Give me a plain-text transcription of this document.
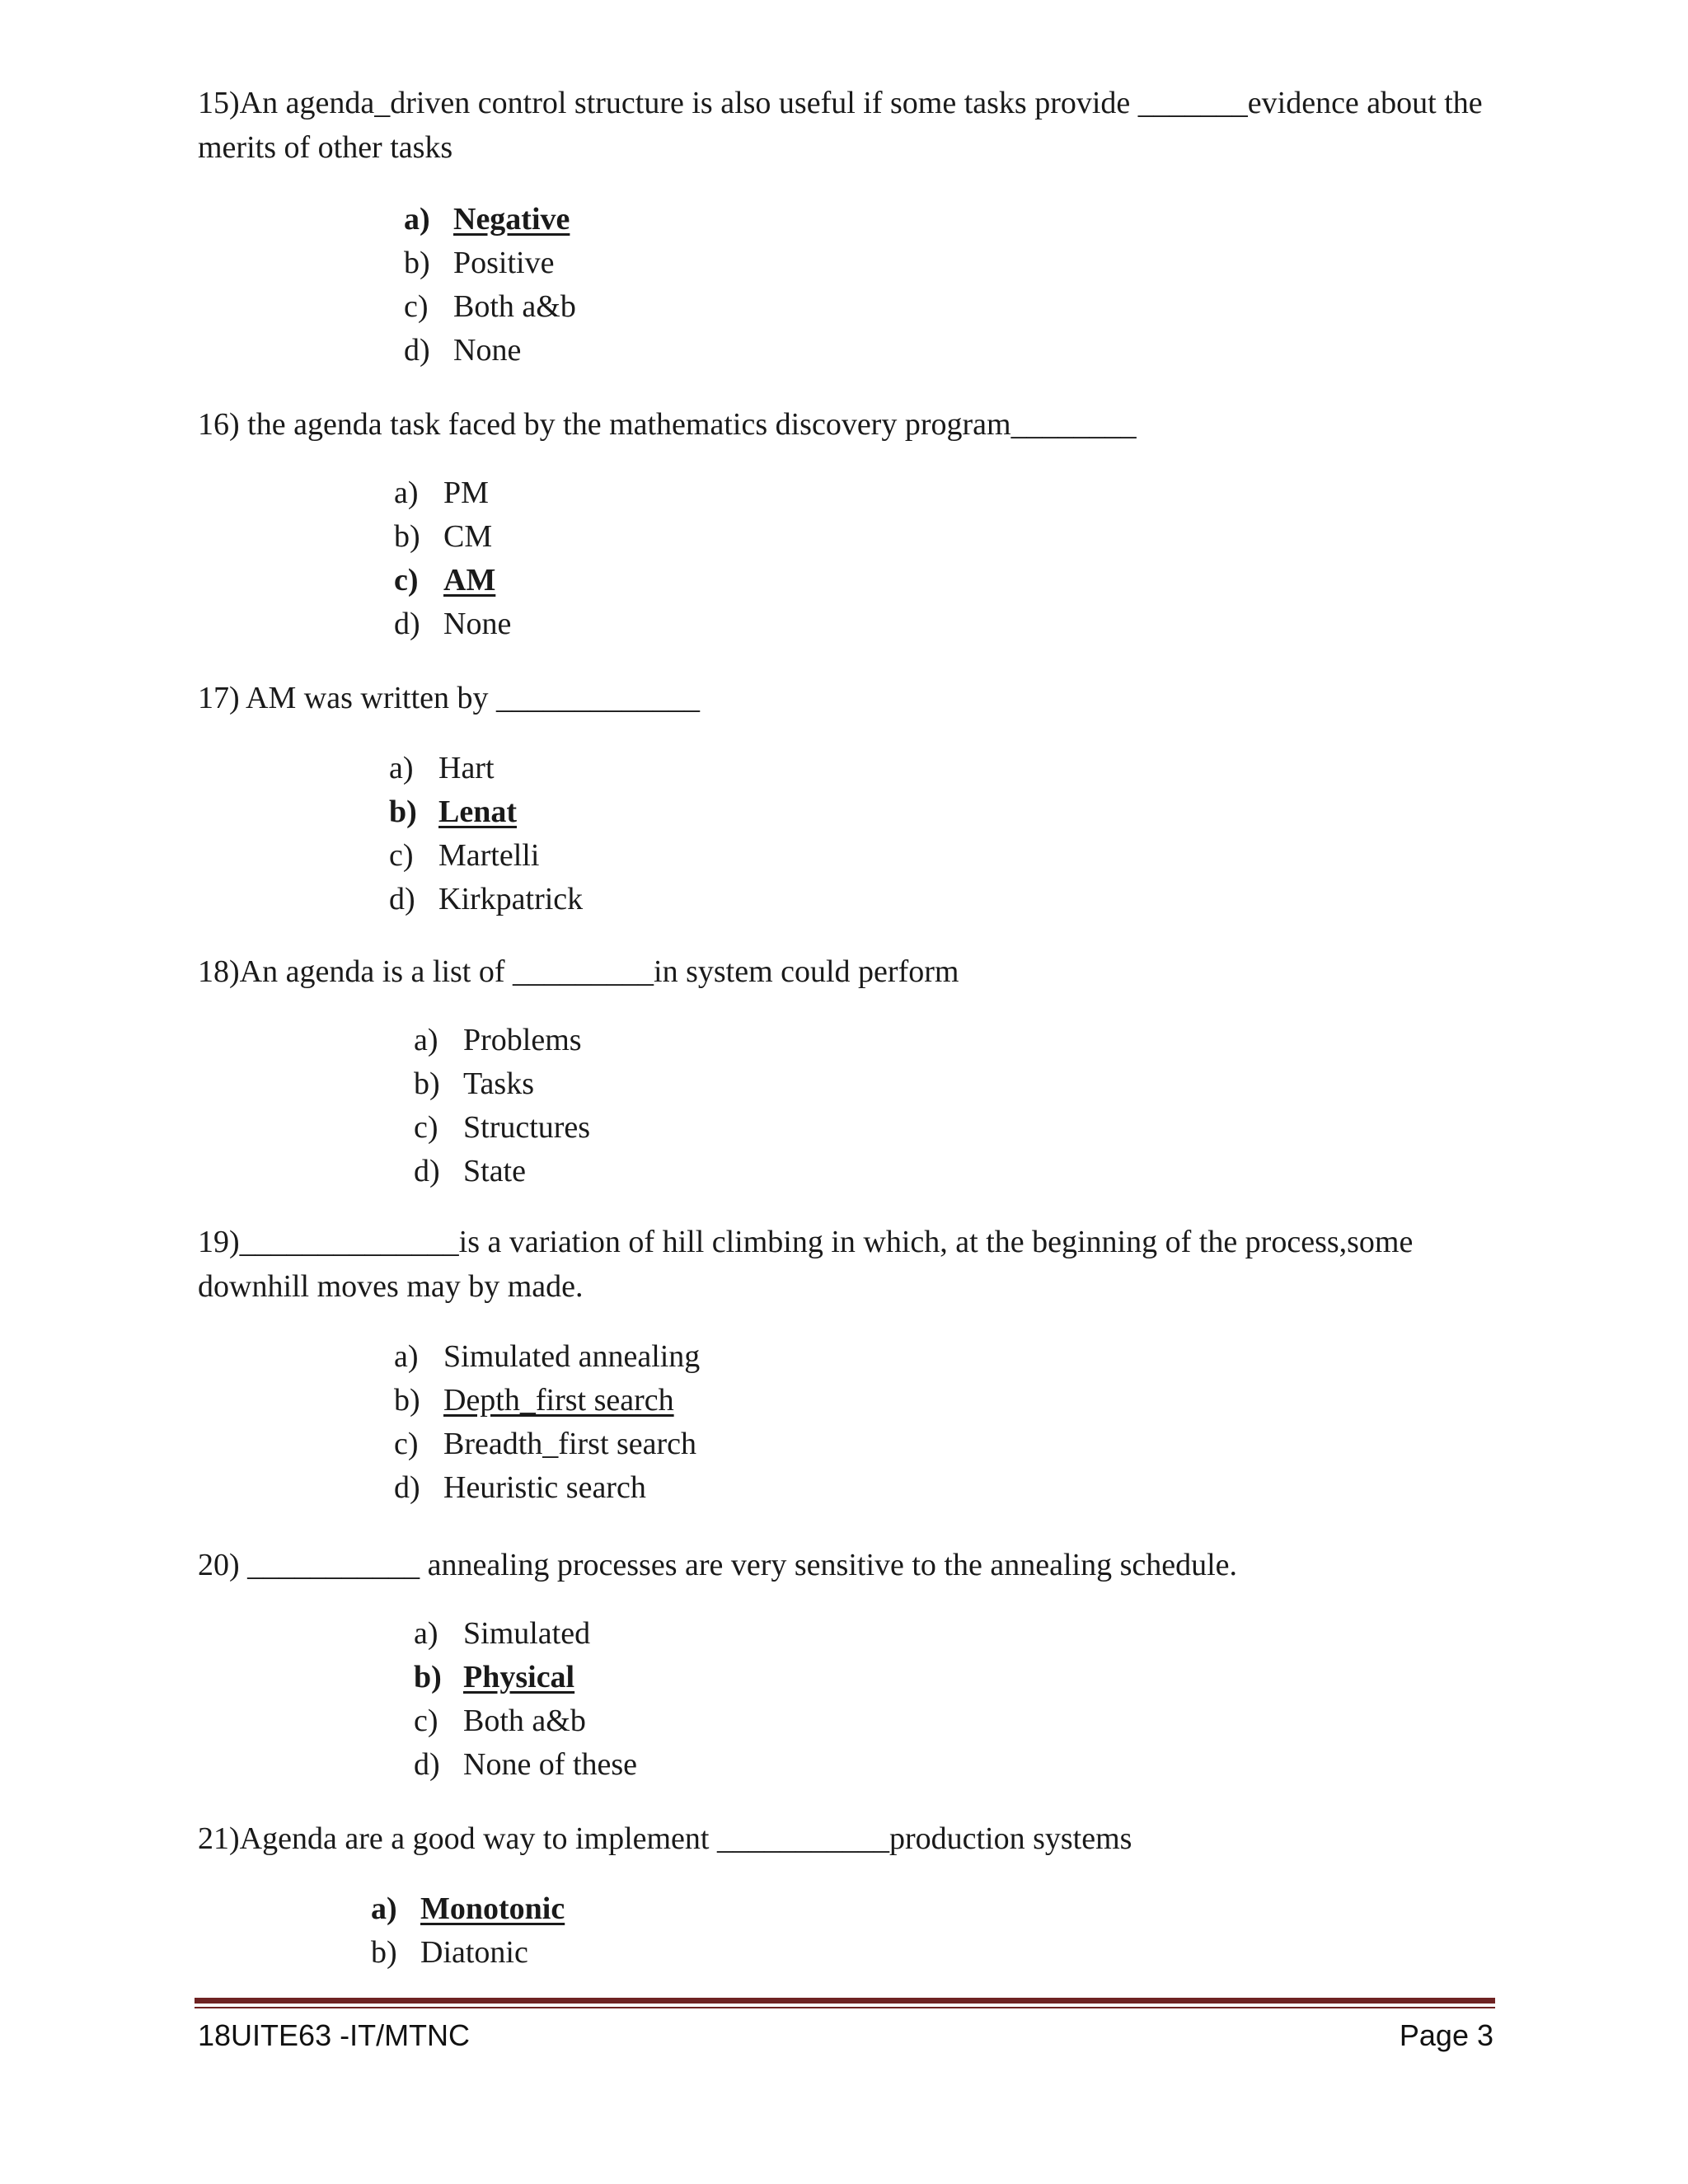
15)An agenda_driven control structure is also useful if some tasks provide _______evidence about the merits of other tasks
a) Negative
b) Positive
c) Both a&b
d) None
16) the agenda task faced by the mathematics discovery program________
a) PM
b) CM
c) AM
d) None
17) AM was written by _____________
a) Hart
b) Lenat
c) Martelli
d) Kirkpatrick
18)An agenda is a list of _________in system could perform
a) Problems
b) Tasks
c) Structures
d) State
19)______________is a variation of hill climbing in which, at the beginning of the process,some downhill moves may by made.
a) Simulated annealing
b) Depth_first search
c) Breadth_first search
d) Heuristic search
20) ___________ annealing processes are very sensitive to the annealing schedule.
a) Simulated
b) Physical
c) Both a&b
d) None of these
21)Agenda are a good way to implement ___________production systems
a) Monotonic
b) Diatonic
18UITE63 -IT/MTNC	Page 3
